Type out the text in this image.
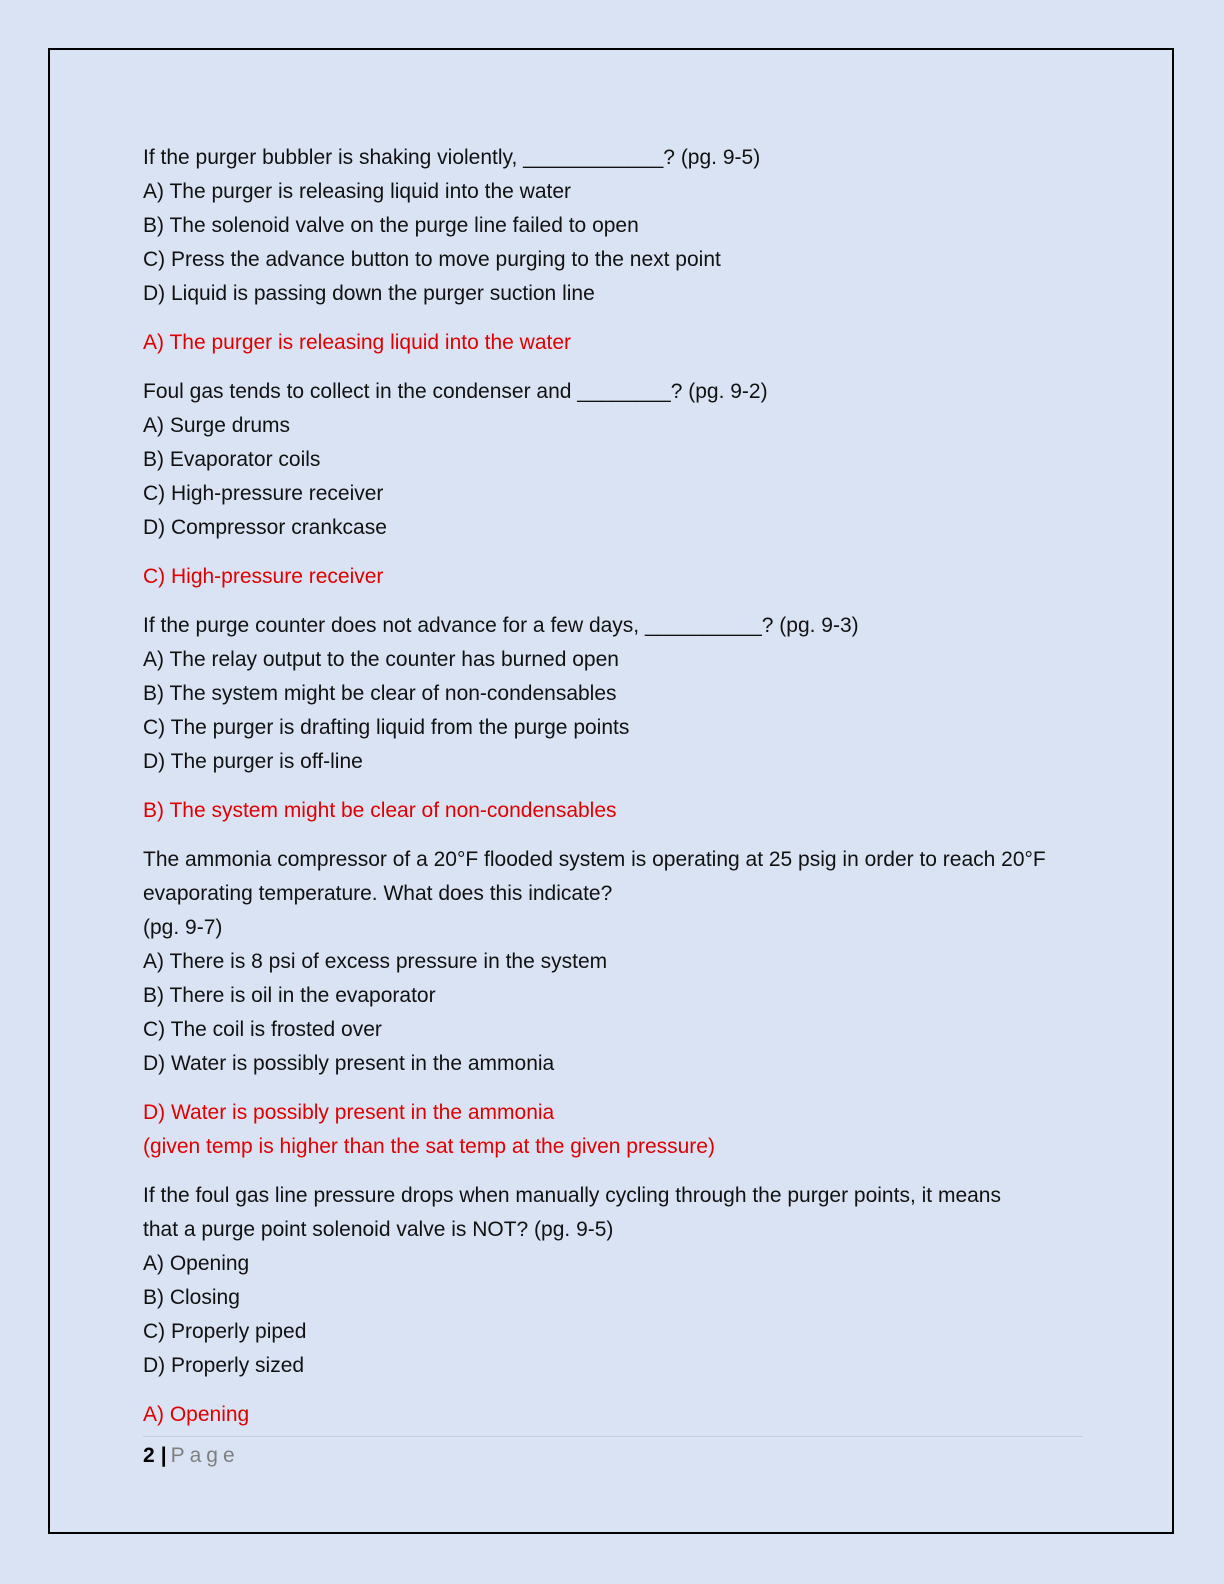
If the purger bubbler is shaking violently, ____________? (pg. 9-5)
A) The purger is releasing liquid into the water
B) The solenoid valve on the purge line failed to open
C) Press the advance button to move purging to the next point
D) Liquid is passing down the purger suction line
A) The purger is releasing liquid into the water
Foul gas tends to collect in the condenser and ________? (pg. 9-2)
A) Surge drums
B) Evaporator coils
C) High-pressure receiver
D) Compressor crankcase
C) High-pressure receiver
If the purge counter does not advance for a few days, __________? (pg. 9-3)
A) The relay output to the counter has burned open
B) The system might be clear of non-condensables
C) The purger is drafting liquid from the purge points
D) The purger is off-line
B) The system might be clear of non-condensables
The ammonia compressor of a 20°F flooded system is operating at 25 psig in order to reach 20°F
evaporating temperature. What does this indicate?
(pg. 9-7)
A) There is 8 psi of excess pressure in the system
B) There is oil in the evaporator
C) The coil is frosted over
D) Water is possibly present in the ammonia
D) Water is possibly present in the ammonia
(given temp is higher than the sat temp at the given pressure)
If the foul gas line pressure drops when manually cycling through the purger points, it means
that a purge point solenoid valve is NOT? (pg. 9-5)
A) Opening
B) Closing
C) Properly piped
D) Properly sized
A) Opening
2 | Page
